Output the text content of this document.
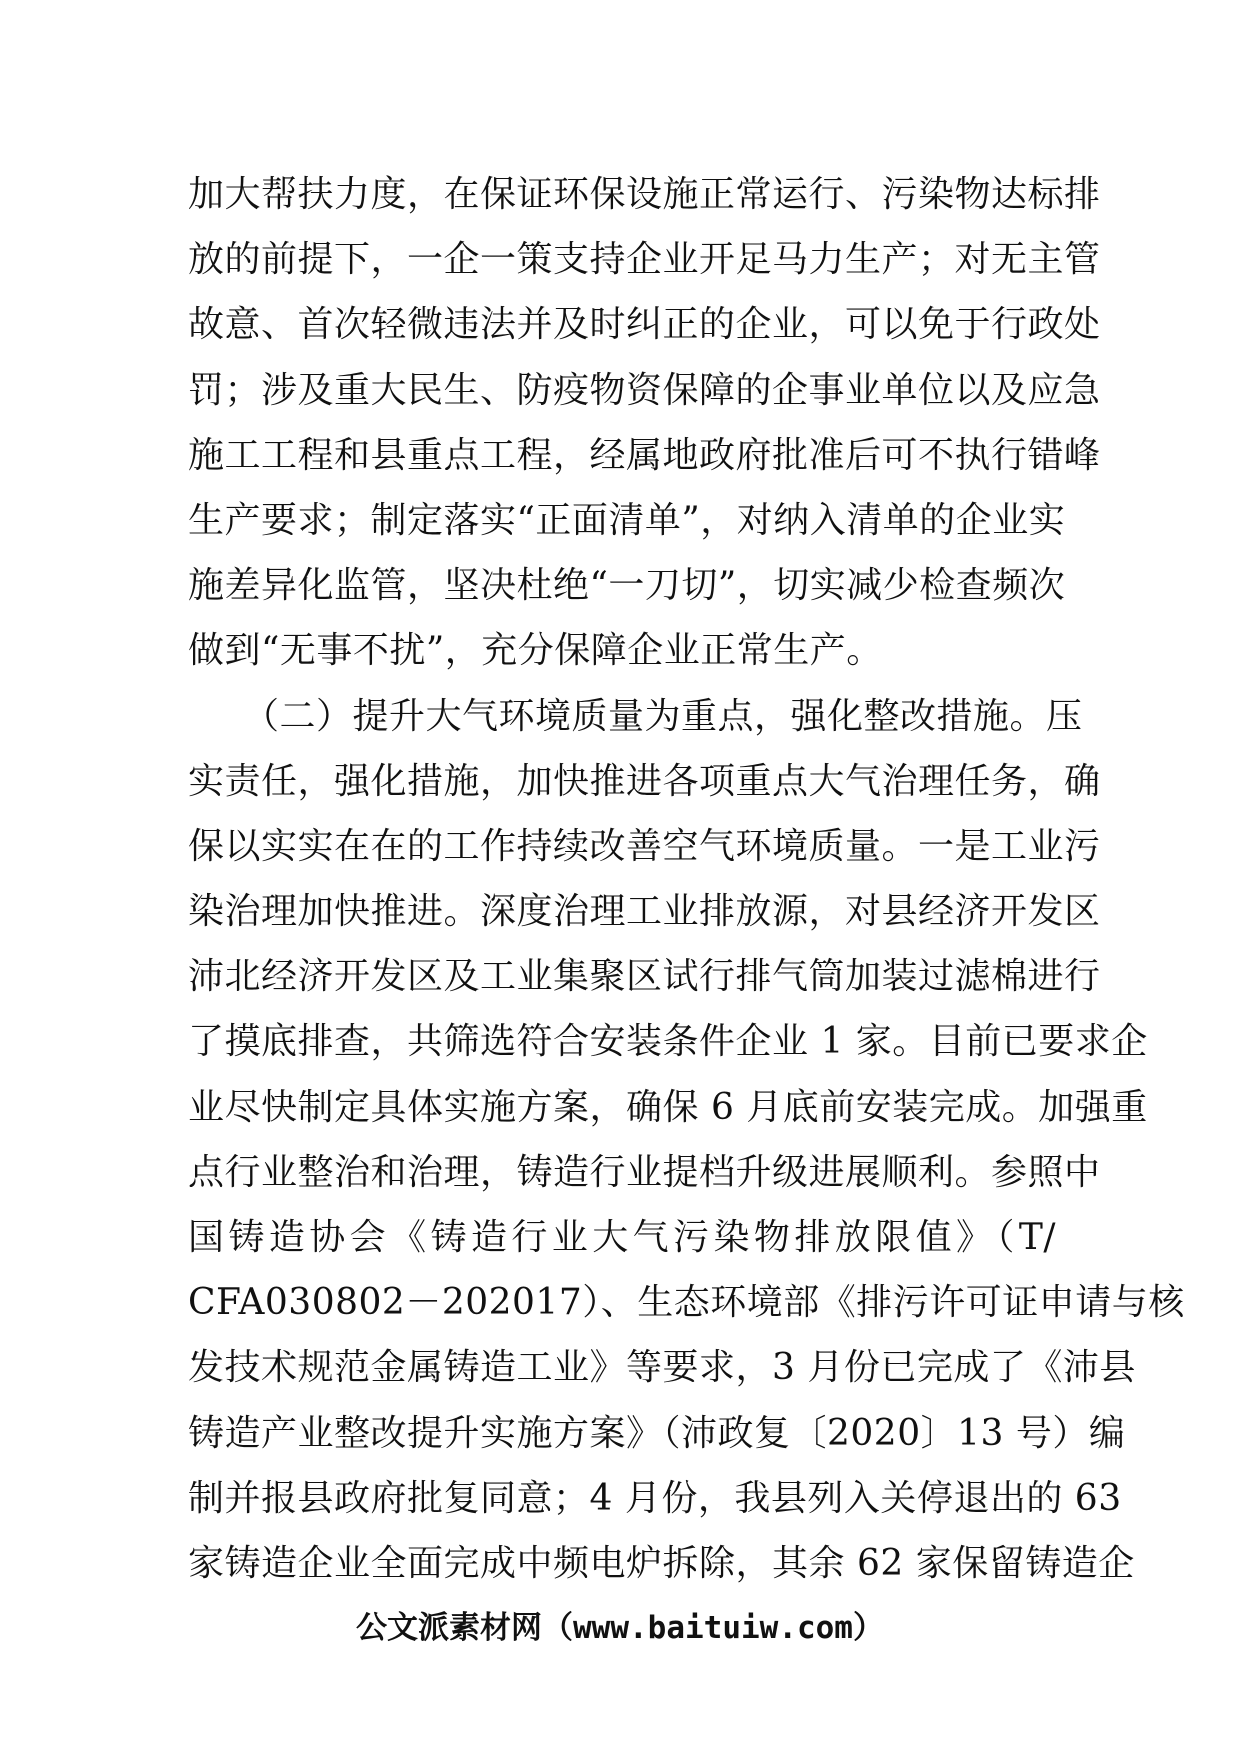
加大帮扶力度，在保证环保设施正常运行、污染物达标排
放的前提下，一企一策支持企业开足马力生产；对无主管
故意、首次轻微违法并及时纠正的企业，可以免于行政处
罚；涉及重大民生、防疫物资保障的企事业单位以及应急
施工工程和县重点工程，经属地政府批准后可不执行错峰
生产要求；制定落实“正面清单”，对纳入清单的企业实
施差异化监管，坚决杜绝“一刀切”，切实减少检查频次
做到“无事不扰”，充分保障企业正常生产。
　　（二）提升大气环境质量为重点，强化整改措施。压
实责任，强化措施，加快推进各项重点大气治理任务，确
保以实实在在的工作持续改善空气环境质量。一是工业污
染治理加快推进。深度治理工业排放源，对县经济开发区
沛北经济开发区及工业集聚区试行排气筒加装过滤棉进行
了摸底排查，共筛选符合安装条件企业 1 家。目前已要求企
业尽快制定具体实施方案，确保 6 月底前安装完成。加强重
点行业整治和治理，铸造行业提档升级进展顺利。参照中
国铸造协会《铸造行业大气污染物排放限值》（T/
CFA030802－202017）、生态环境部《排污许可证申请与核
发技术规范金属铸造工业》等要求，3 月份已完成了《沛县
铸造产业整改提升实施方案》（沛政复〔2020〕13 号）编
制并报县政府批复同意；4 月份，我县列入关停退出的 63
家铸造企业全面完成中频电炉拆除，其余 62 家保留铸造企
公文派素材网（www.baituiw.com）
